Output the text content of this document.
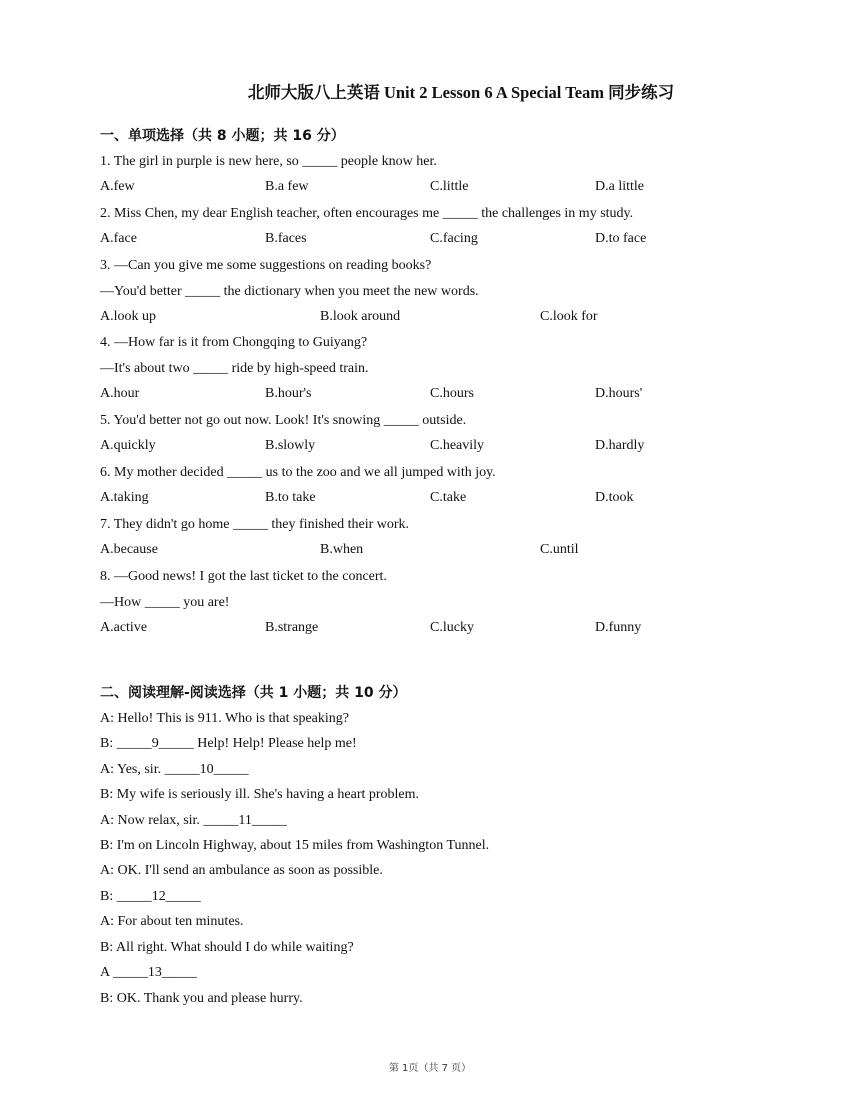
北师大版八上英语 Unit 2 Lesson 6 A Special Team 同步练习
一、单项选择（共 8 小题；共 16 分）
1. The girl in purple is new here, so _____ people know her.
A.few	B.a few	C.little	D.a little
2. Miss Chen, my dear English teacher, often encourages me _____ the challenges in my study.
A.face	B.faces	C.facing	D.to face
3. —Can you give me some suggestions on reading books?
—You'd better _____ the dictionary when you meet the new words.
A.look up	B.look around	C.look for
4. —How far is it from Chongqing to Guiyang?
—It's about two _____ ride by high-speed train.
A.hour	B.hour's	C.hours	D.hours'
5. You'd better not go out now. Look! It's snowing _____ outside.
A.quickly	B.slowly	C.heavily	D.hardly
6. My mother decided _____ us to the zoo and we all jumped with joy.
A.taking	B.to take	C.take	D.took
7. They didn't go home _____ they finished their work.
A.because	B.when	C.until
8. —Good news! I got the last ticket to the concert.
—How _____ you are!
A.active	B.strange	C.lucky	D.funny
二、阅读理解-阅读选择（共 1 小题；共 10 分）
A: Hello! This is 911. Who is that speaking?
B: _____9_____ Help! Help! Please help me!
A: Yes, sir. _____10_____
B: My wife is seriously ill. She's having a heart problem.
A: Now relax, sir. _____11_____
B: I'm on Lincoln Highway, about 15 miles from Washington Tunnel.
A: OK. I'll send an ambulance as soon as possible.
B: _____12_____
A: For about ten minutes.
B: All right. What should I do while waiting?
A _____13_____
B: OK. Thank you and please hurry.
第 1页（共 7 页）
